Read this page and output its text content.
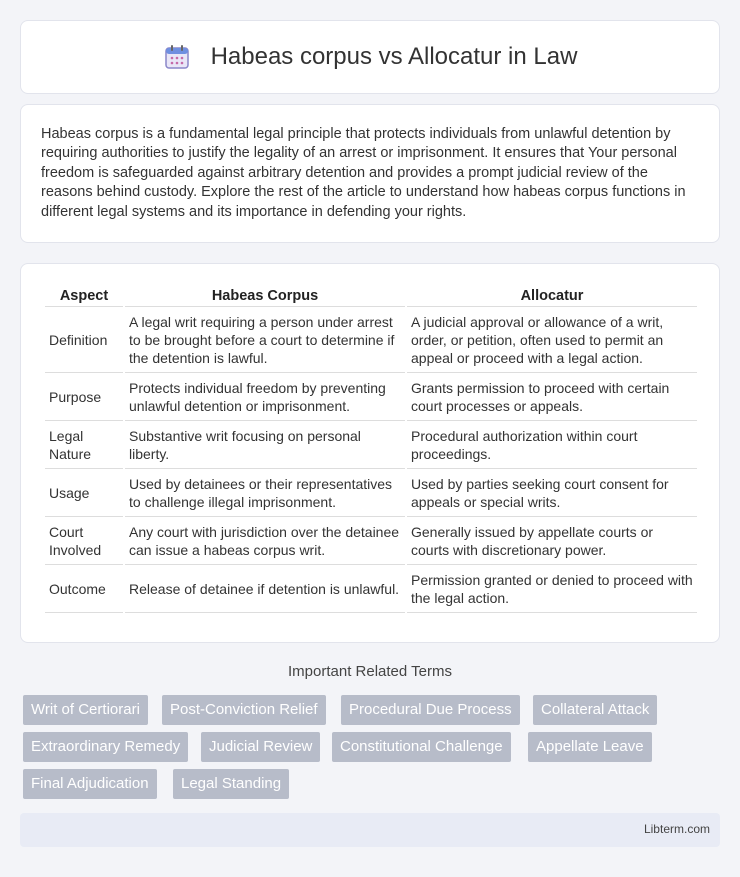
Habeas corpus vs Allocatur in Law

Habeas corpus is a fundamental legal principle that protects individuals from unlawful detention by requiring authorities to justify the legality of an arrest or imprisonment. It ensures that Your personal freedom is safeguarded against arbitrary detention and provides a prompt judicial review of the reasons behind custody. Explore the rest of the article to understand how habeas corpus functions in different legal systems and its importance in defending your rights.

Aspect	Habeas Corpus	Allocatur
Definition	A legal writ requiring a person under arrest to be brought before a court to determine if the detention is lawful.	A judicial approval or allowance of a writ, order, or petition, often used to permit an appeal or proceed with a legal action.
Purpose	Protects individual freedom by preventing unlawful detention or imprisonment.	Grants permission to proceed with certain court processes or appeals.
Legal Nature	Substantive writ focusing on personal liberty.	Procedural authorization within court proceedings.
Usage	Used by detainees or their representatives to challenge illegal imprisonment.	Used by parties seeking court consent for appeals or special writs.
Court Involved	Any court with jurisdiction over the detainee can issue a habeas corpus writ.	Generally issued by appellate courts or courts with discretionary power.
Outcome	Release of detainee if detention is unlawful.	Permission granted or denied to proceed with the legal action.
Important Related Terms
Writ of Certiorari	Post-Conviction Relief	Procedural Due Process	Collateral Attack
Extraordinary Remedy	Judicial Review	Constitutional Challenge	Appellate Leave
Final Adjudication	Legal Standing
Libterm.com
